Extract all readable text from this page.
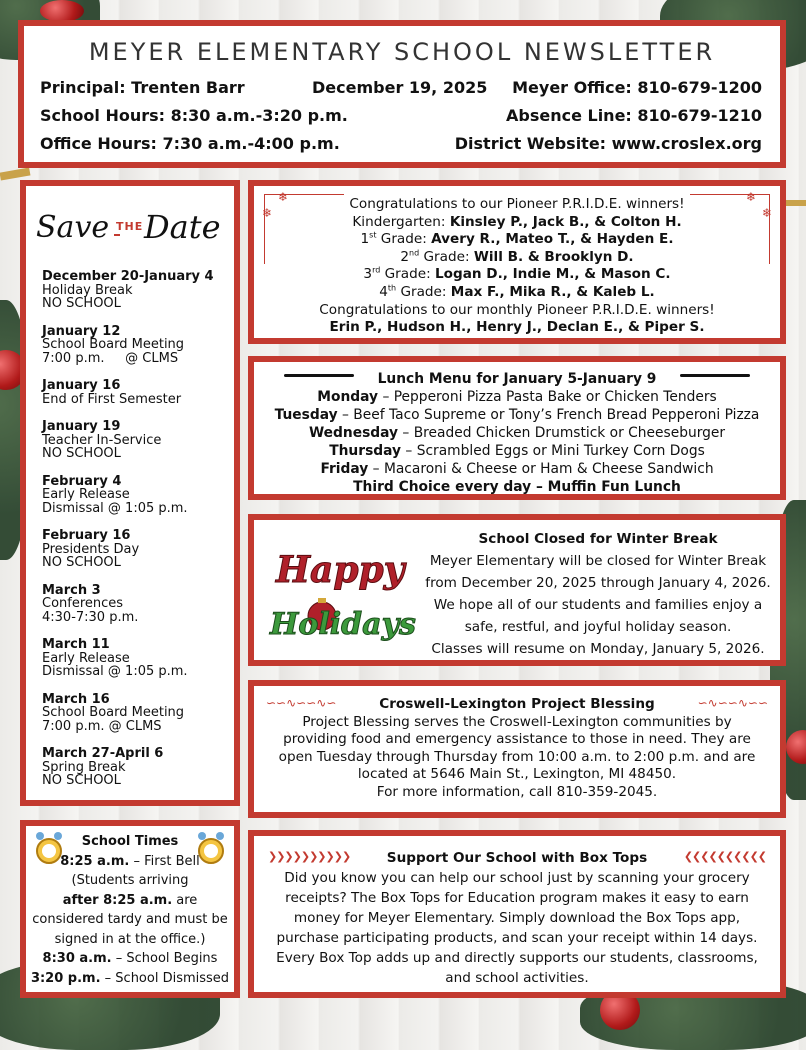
MEYER ELEMENTARY SCHOOL NEWSLETTER
Principal: Trenten Barr	December 19, 2025 Meyer Office: 810-679-1200
School Hours: 8:30 a.m.-3:20 p.m.	Absence Line: 810-679-1210
Office Hours: 7:30 a.m.-4:00 p.m.	District Website: www.croslex.org
Save THE Date
December 20-January 4
Holiday Break
NO SCHOOL
January 12
School Board Meeting
7:00 p.m.     @ CLMS
January 16
End of First Semester
January 19
Teacher In-Service
NO SCHOOL
February 4
Early Release
Dismissal @ 1:05 p.m.
February 16
Presidents Day
NO SCHOOL
March 3
Conferences
4:30-7:30 p.m.
March 11
Early Release
Dismissal @ 1:05 p.m.
March 16
School Board Meeting
7:00 p.m. @ CLMS
March 27-April 6
Spring Break
NO SCHOOL
School Times
8:25 a.m. – First Bell
(Students arriving
after 8:25 a.m. are
considered tardy and must be
signed in at the office.)
8:30 a.m. – School Begins
3:20 p.m. – School Dismissed
❄	❄
❄	❄
Congratulations to our Pioneer P.R.I.D.E. winners!
Kindergarten: Kinsley P., Jack B., & Colton H.
1st Grade: Avery R., Mateo T., & Hayden E.
2nd Grade: Will B. & Brooklyn D.
3rd Grade: Logan D., Indie M., & Mason C.
4th Grade: Max F., Mika R., & Kaleb L.
Congratulations to our monthly Pioneer P.R.I.D.E. winners!
Erin P., Hudson H., Henry J., Declan E., & Piper S.
Lunch Menu for January 5-January 9
Monday – Pepperoni Pizza Pasta Bake or Chicken Tenders
Tuesday – Beef Taco Supreme or Tony’s French Bread Pepperoni Pizza
Wednesday – Breaded Chicken Drumstick or Cheeseburger
Thursday – Scrambled Eggs or Mini Turkey Corn Dogs
Friday – Macaroni & Cheese or Ham & Cheese Sandwich
Third Choice every day – Muffin Fun Lunch
Happy
Holidays
School Closed for Winter Break
Meyer Elementary will be closed for Winter Break
from December 20, 2025 through January 4, 2026.
We hope all of our students and families enjoy a
safe, restful, and joyful holiday season.
Classes will resume on Monday, January 5, 2026.
∽∽∿∽∽∿∽	∽∿∽∽∿∽∽
Croswell-Lexington Project Blessing
Project Blessing serves the Croswell-Lexington communities by
providing food and emergency assistance to those in need. They are
open Tuesday through Thursday from 10:00 a.m. to 2:00 p.m. and are
located at 5646 Main St., Lexington, MI 48450.
For more information, call 810-359-2045.
❯❯❯❯❯❯❯❯❯❯	❮❮❮❮❮❮❮❮❮❮
Support Our School with Box Tops
Did you know you can help our school just by scanning your grocery
receipts? The Box Tops for Education program makes it easy to earn
money for Meyer Elementary. Simply download the Box Tops app,
purchase participating products, and scan your receipt within 14 days.
Every Box Top adds up and directly supports our students, classrooms,
and school activities.
